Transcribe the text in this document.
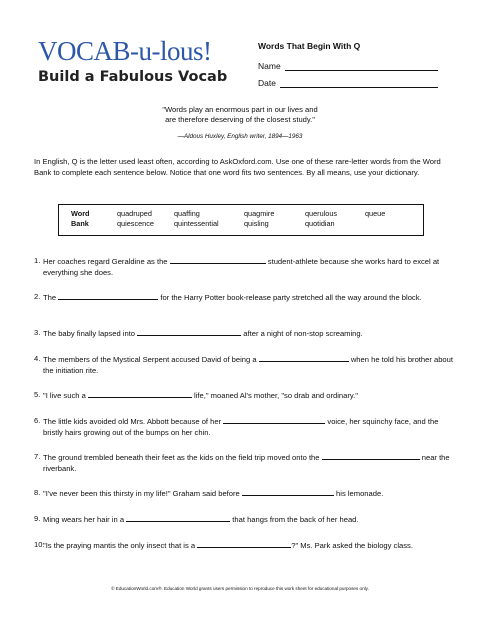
VOCAB-u-lous!
Build a Fabulous Vocab
Words That Begin With Q
Name
Date
"Words play an enormous part in our lives and
are therefore deserving of the closest study."
—Aldous Huxley, English writer, 1894—1963
In English, Q is the letter used least often, according to AskOxford.com. Use one of these rare-letter words from the Word Bank to complete each sentence below. Notice that one word fits two sentences. By all means, use your dictionary.
Word
Bank
quadruped	quaffing	quagmire	querulous	queue
quiescence	quintessential	quisling	quotidian
1. Her coaches regard Geraldine as the	student-athlete because she works hard to excel at everything she does.
2. The	for the Harry Potter book-release party stretched all the way around the block.
3. The baby finally lapsed into	after a night of non-stop screaming.
4. The members of the Mystical Serpent accused David of being a	when he told his brother about the initiation rite.
5. "I live such a	life," moaned Al's mother, "so drab and ordinary."
6. The little kids avoided old Mrs. Abbott because of her	voice, her squinchy face, and the bristly hairs growing out of the bumps on her chin.
7. The ground trembled beneath their feet as the kids on the field trip moved onto the	near the riverbank.
8. "I've never been this thirsty in my life!" Graham said before	his lemonade.
9. Ming wears her hair in a	that hangs from the back of her head.
10.
"Is the praying mantis the only insect that is a	?" Ms. Park asked the biology class.
© EducationWorld.com®. Education World grants users permission to reproduce this work sheet for educational purposes only.
